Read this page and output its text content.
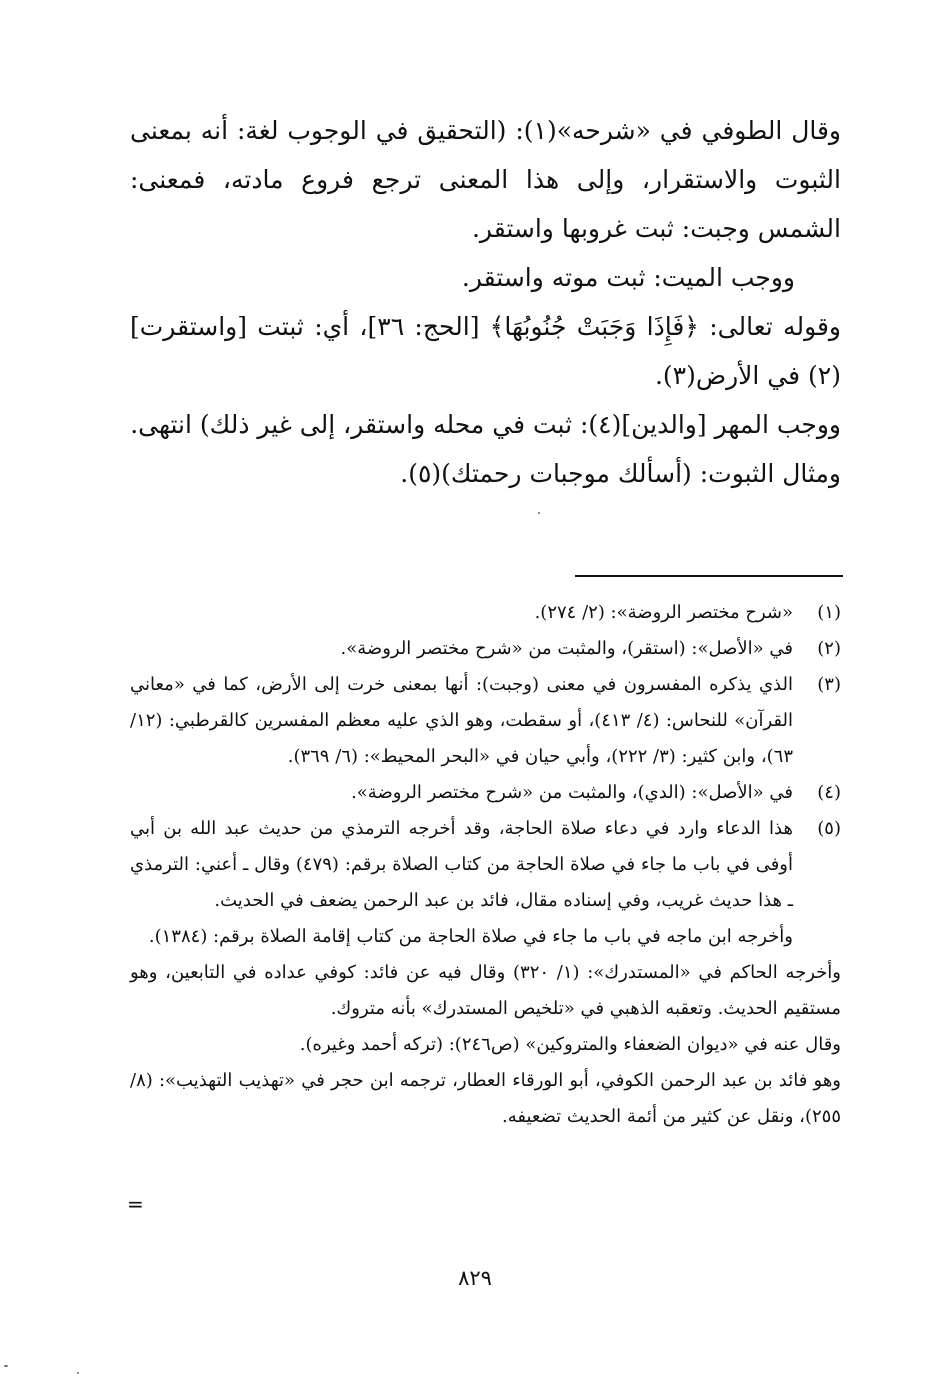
وقال الطوفي في «شرحه»(١): (التحقيق في الوجوب لغة: أنه بمعنى الثبوت والاستقرار، وإلى هذا المعنى ترجع فروع مادته، فمعنى: الشمس وجبت: ثبت غروبها واستقر.

ووجب الميت: ثبت موته واستقر.

وقوله تعالى: ﴿فَإِذَا وَجَبَتْ جُنُوبُهَا﴾ [الحج: ٣٦]، أي: ثبتت [واستقرت](٢) في الأرض(٣).

ووجب المهر [والدين](٤): ثبت في محله واستقر، إلى غير ذلك) انتهى.

ومثال الثبوت: (أسألك موجبات رحمتك)(٥).

(١)

«شرح مختصر الروضة»: (٢/ ٢٧٤).

(٢)

في «الأصل»: (استقر)، والمثبت من «شرح مختصر الروضة».

(٣)

الذي يذكره المفسرون في معنى (وجبت): أنها بمعنى خرت إلى الأرض، كما في «معاني القرآن» للنحاس: (٤/ ٤١٣)، أو سقطت، وهو الذي عليه معظم المفسرين كالقرطبي: (١٢/ ٦٣)، وابن كثير: (٣/ ٢٢٢)، وأبي حيان في «البحر المحيط»: (٦/ ٣٦٩).

(٤)

في «الأصل»: (الدي)، والمثبت من «شرح مختصر الروضة».

(٥)

هذا الدعاء وارد في دعاء صلاة الحاجة، وقد أخرجه الترمذي من حديث عبد الله بن أبي أوفى في باب ما جاء في صلاة الحاجة من كتاب الصلاة برقم: (٤٧٩) وقال ـ أعني: الترمذي ـ هذا حديث غريب، وفي إسناده مقال، فائد بن عبد الرحمن يضعف في الحديث.

وأخرجه ابن ماجه في باب ما جاء في صلاة الحاجة من كتاب إقامة الصلاة برقم: (١٣٨٤).

وأخرجه الحاكم في «المستدرك»: (١/ ٣٢٠) وقال فيه عن فائد: كوفي عداده في التابعين، وهو مستقيم الحديث. وتعقبه الذهبي في «تلخيص المستدرك» بأنه متروك.

وقال عنه في «ديوان الضعفاء والمتروكين» (ص٢٤٦): (تركه أحمد وغيره).

وهو فائد بن عبد الرحمن الكوفي، أبو الورقاء العطار، ترجمه ابن حجر في «تهذيب التهذيب»: (٨/ ٢٥٥)، ونقل عن كثير من أئمة الحديث تضعيفه.

=
٨٢٩
